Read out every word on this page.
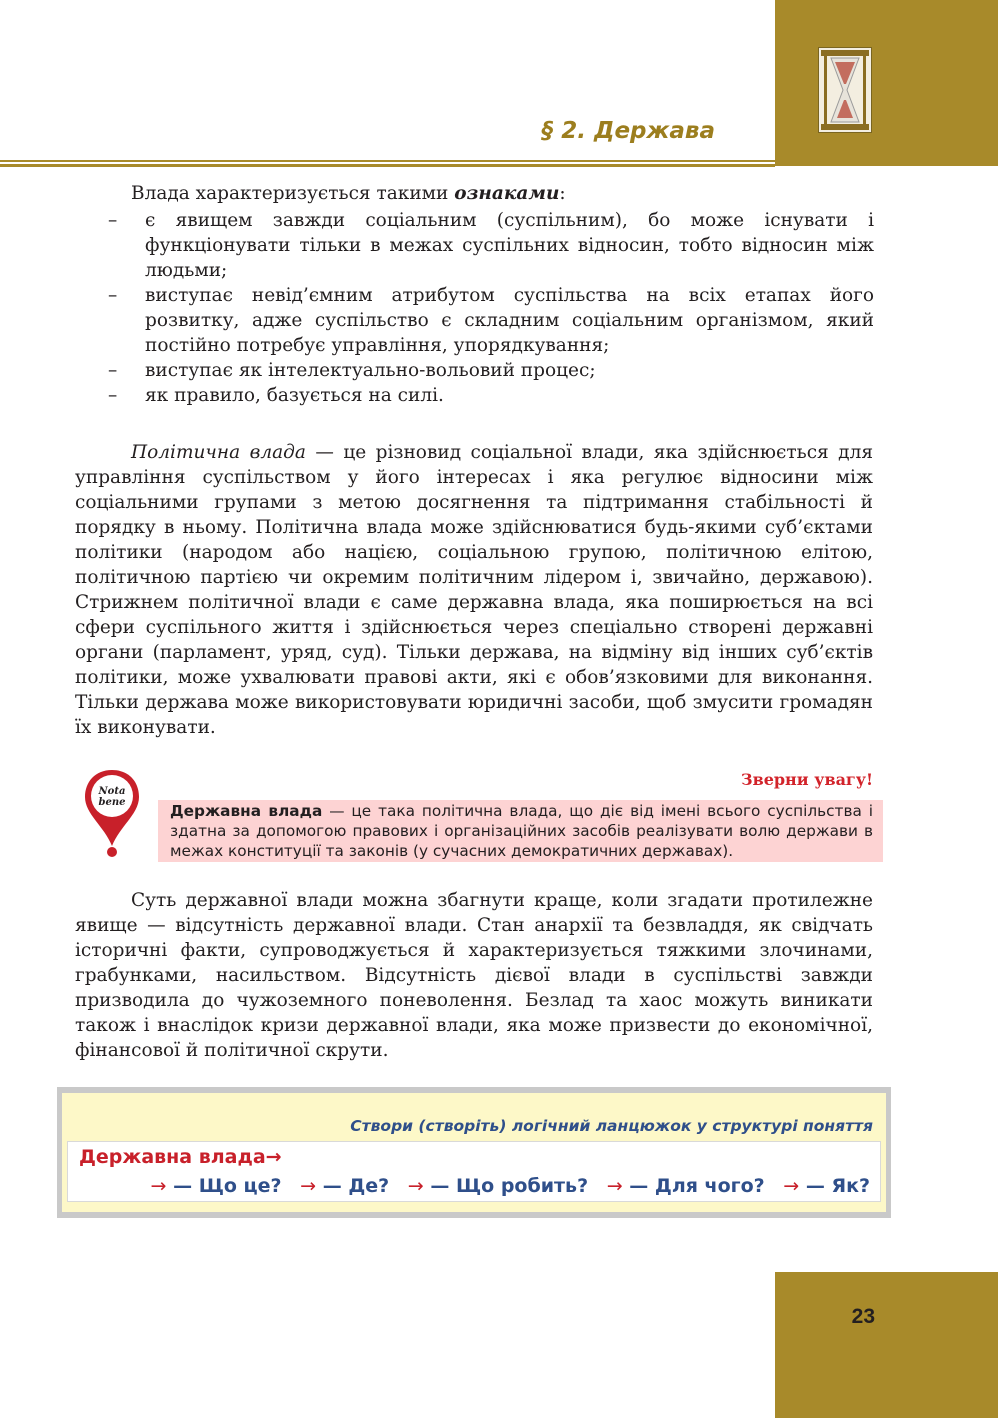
§ 2. Держава

Влада характеризується такими ознаками:

– є явищем завжди соціальним (суспільним), бо може існувати і функціонувати тільки в межах суспільних відносин, тобто відносин між людьми;
– виступає невід’ємним атрибутом суспільства на всіх етапах його розвитку, адже суспільство є складним соціальним організмом, який постійно потребує управління, упорядкування;
– виступає як інтелектуально-вольовий процес;
– як правило, базується на силі.

Політична влада — це різновид соціальної влади, яка здійснюється для управління суспільством у його інтересах і яка регулює відносини між соціальними групами з метою досягнення та підтримання стабільності й порядку в ньому. Політична влада може здійснюватися будь-якими суб’єктами політики (народом або нацією, соціальною групою, політичною елітою, політичною партією чи окремим політичним лідером і, звичайно, державою). Стрижнем політичної влади є саме державна влада, яка поширюється на всі сфери суспільного життя і здійснюється через спеціально створені державні органи (парламент, уряд, суд). Тільки держава, на відміну від інших суб’єктів політики, може ухвалювати правові акти, які є обов’язковими для виконання. Тільки держава може використовувати юридичні засоби, щоб змусити громадян їх виконувати.

Nota
bene
Зверни увагу!
Державна влада — це така політична влада, що діє від імені всього суспільства і здатна за допомогою правових і організаційних засобів реалізувати волю держави в межах конституції та законів (у сучасних демократичних державах).

Суть державної влади можна збагнути краще, коли згадати протилежне явище — відсутність державної влади. Стан анархії та безвладдя, як свідчать історичні факти, супроводжується й характеризується тяжкими злочинами, грабунками, насильством. Відсутність дієвої влади в суспільстві завжди призводила до чужоземного поневолення. Безлад та хаос можуть виникати також і внаслідок кризи державної влади, яка може призвести до економічної, фінансової й політичної скрути.

Створи (створіть) логічний ланцюжок у структурі поняття
Державна влада→
→ — Що це? → — Де? → — Що робить? → — Для чого? → — Як?
23
